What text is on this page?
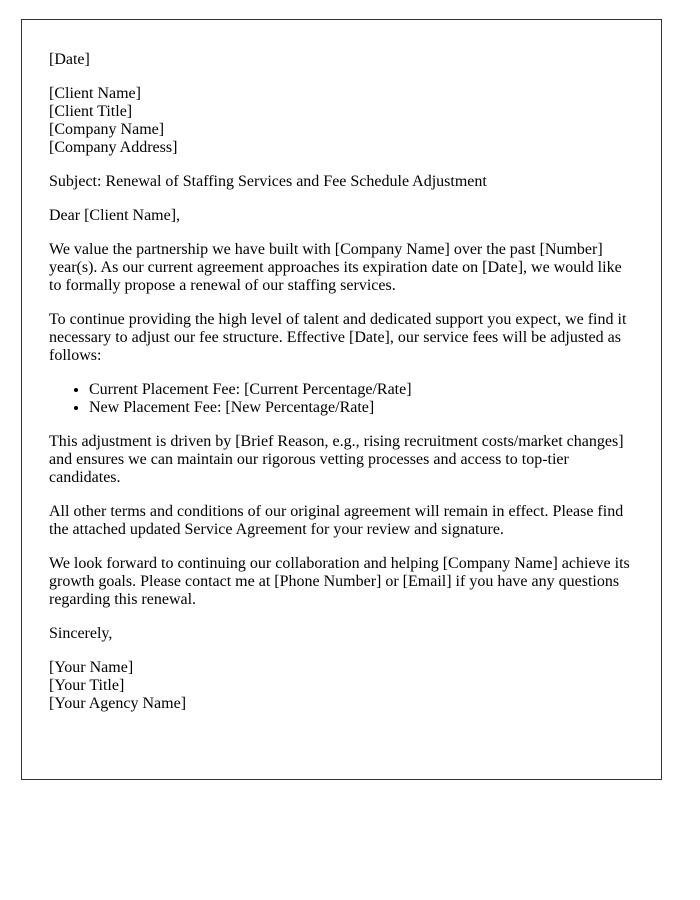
[Date]

[Client Name]
[Client Title]
[Company Name]
[Company Address]

Subject: Renewal of Staffing Services and Fee Schedule Adjustment

Dear [Client Name],

We value the partnership we have built with [Company Name] over the past [Number] year(s). As our current agreement approaches its expiration date on [Date], we would like to formally propose a renewal of our staffing services.

To continue providing the high level of talent and dedicated support you expect, we find it necessary to adjust our fee structure. Effective [Date], our service fees will be adjusted as follows:

• Current Placement Fee: [Current Percentage/Rate]
• New Placement Fee: [New Percentage/Rate]

This adjustment is driven by [Brief Reason, e.g., rising recruitment costs/market changes] and ensures we can maintain our rigorous vetting processes and access to top-tier candidates.

All other terms and conditions of our original agreement will remain in effect. Please find the attached updated Service Agreement for your review and signature.

We look forward to continuing our collaboration and helping [Company Name] achieve its growth goals. Please contact me at [Phone Number] or [Email] if you have any questions regarding this renewal.

Sincerely,

[Your Name]
[Your Title]
[Your Agency Name]
